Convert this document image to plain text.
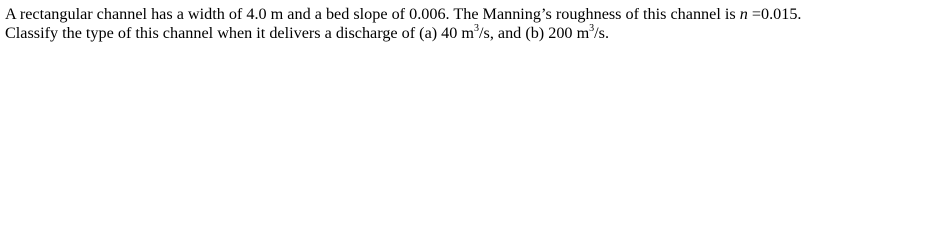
A rectangular channel has a width of 4.0 m and a bed slope of 0.006. The Manning’s roughness of this channel is n =0.015.
Classify the type of this channel when it delivers a discharge of (a) 40 $m^3/s$, and (b) 200 $m^3/s$.
